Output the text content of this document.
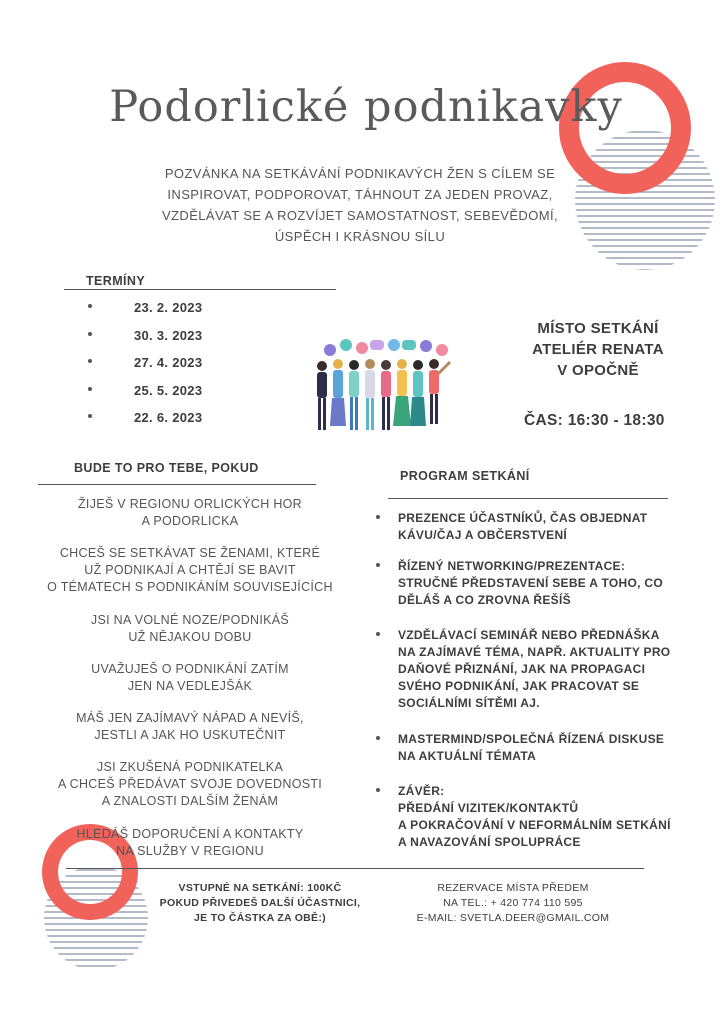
Podorlické podnikavky
POZVÁNKA NA SETKÁVÁNÍ PODNIKAVÝCH ŽEN S CÍLEM SE
INSPIROVAT, PODPOROVAT, TÁHNOUT ZA JEDEN PROVAZ,
VZDĚLÁVAT SE A ROZVÍJET SAMOSTATNOST, SEBEVĚDOMÍ,
ÚSPĚCH I KRÁSNOU SÍLU
TERMÍNY
23. 2. 2023
30. 3. 2023
27. 4. 2023
25. 5. 2023
22. 6. 2023
MÍSTO SETKÁNÍ
ATELIÉR RENATA
V OPOČNĚ
ČAS: 16:30 - 18:30
BUDE TO PRO TEBE, POKUD
ŽIJEŠ V REGIONU ORLICKÝCH HOR
A PODORLICKA
CHCEŠ SE SETKÁVAT SE ŽENAMI, KTERÉ
UŽ PODNIKAJÍ A CHTĚJÍ SE BAVIT
O TÉMATECH S PODNIKÁNÍM SOUVISEJÍCÍCH
JSI NA VOLNÉ NOZE/PODNIKÁŠ
UŽ NĚJAKOU DOBU
UVAŽUJEŠ O PODNIKÁNÍ ZATÍM
JEN NA VEDLEJŠÁK
MÁŠ JEN ZAJÍMAVÝ NÁPAD A NEVÍŠ,
JESTLI A JAK HO USKUTEČNIT
JSI ZKUŠENÁ PODNIKATELKA
A CHCEŠ PŘEDÁVAT SVOJE DOVEDNOSTI
A ZNALOSTI DALŠÍM ŽENÁM
HLEDÁŠ DOPORUČENÍ A KONTAKTY
NA SLUŽBY V REGIONU
PROGRAM SETKÁNÍ
PREZENCE ÚČASTNÍKŮ, ČAS OBJEDNAT
KÁVU/ČAJ A OBČERSTVENÍ
ŘÍZENÝ NETWORKING/PREZENTACE:
STRUČNÉ PŘEDSTAVENÍ SEBE A TOHO, CO
DĚLÁŠ A CO ZROVNA ŘEŠÍŠ
VZDĚLÁVACÍ SEMINÁŘ NEBO PŘEDNÁŠKA
NA ZAJÍMAVÉ TÉMA, NAPŘ. AKTUALITY PRO
DAŇOVÉ PŘIZNÁNÍ, JAK NA PROPAGACI
SVÉHO PODNIKÁNÍ, JAK PRACOVAT SE
SOCIÁLNÍMI SÍTĚMI AJ.
MASTERMIND/SPOLEČNÁ ŘÍZENÁ DISKUSE
NA AKTUÁLNÍ TÉMATA
ZÁVĚR:
PŘEDÁNÍ VIZITEK/KONTAKTŮ
A POKRAČOVÁNÍ V NEFORMÁLNÍM SETKÁNÍ
A NAVAZOVÁNÍ SPOLUPRÁCE
VSTUPNÉ NA SETKÁNÍ: 100KČ
POKUD PŘIVEDEŠ DALŠÍ ÚČASTNICI,
JE TO ČÁSTKA ZA OBĚ:)
REZERVACE MÍSTA PŘEDEM
NA TEL.: + 420 774 110 595
E-MAIL: SVETLA.DEER@GMAIL.COM
